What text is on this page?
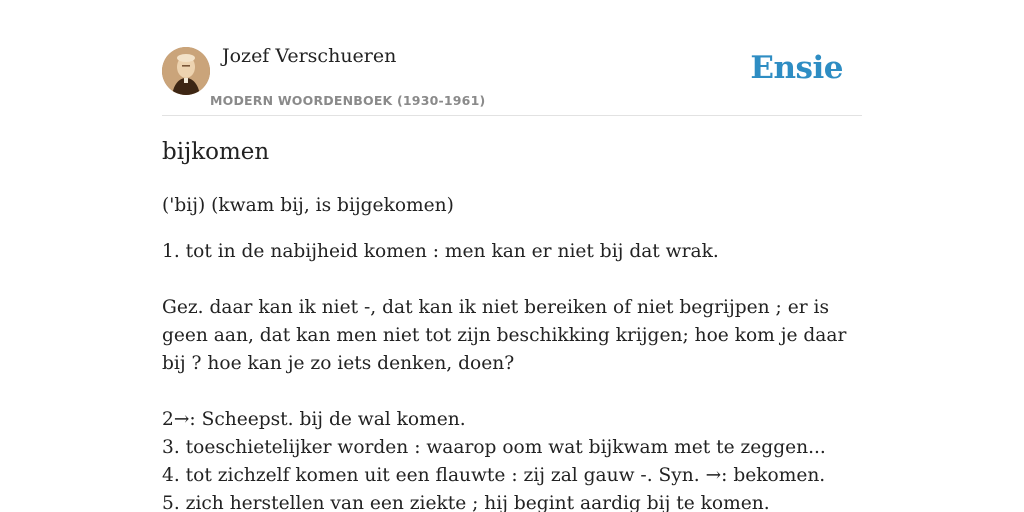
Jozef Verschueren
MODERN WOORDENBOEK (1930-1961)
Ensie
bijkomen

('bij) (kwam bij, is bijgekomen)

1. tot in de nabijheid komen : men kan er niet bij dat wrak.

Gez. daar kan ik niet -, dat kan ik niet bereiken of niet begrijpen ; er is geen aan, dat kan men niet tot zijn beschikking krijgen; hoe kom je daar bij ? hoe kan je zo iets denken, doen?

2→: Scheepst. bij de wal komen.

3. toeschietelijker worden : waarop oom wat bijkwam met te zeggen...

4. tot zichzelf komen uit een flauwte : zij zal gauw -. Syn. →: bekomen.

5. zich herstellen van een ziekte ; hij begint aardig bij te komen.
